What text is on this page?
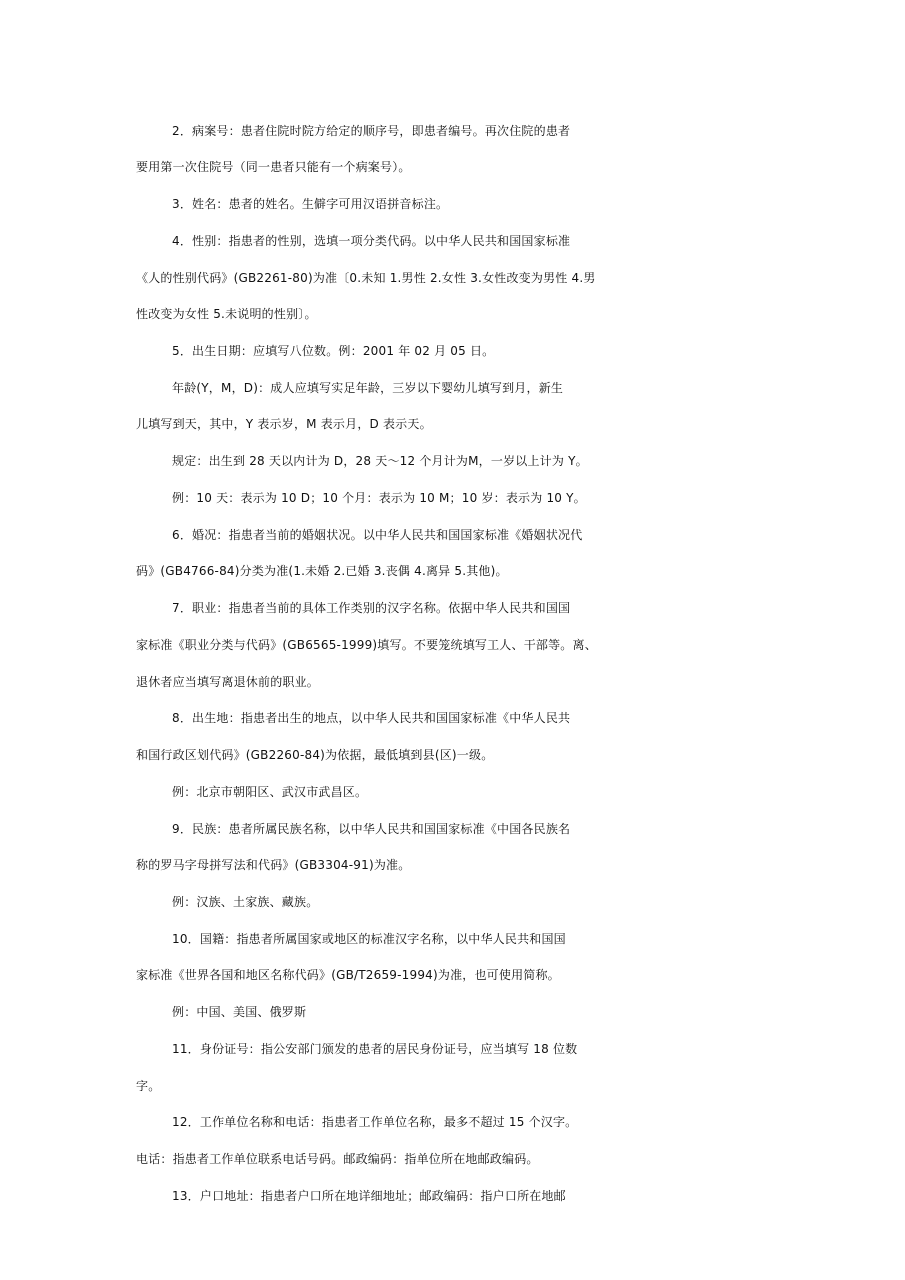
2．病案号：患者住院时院方给定的顺序号，即患者编号。再次住院的患者
要用第一次住院号（同一患者只能有一个病案号）。
3．姓名：患者的姓名。生僻字可用汉语拼音标注。
4．性别：指患者的性别，选填一项分类代码。以中华人民共和国国家标准
《人的性别代码》(GB2261-80)为准〔0.未知 1.男性 2.女性 3.女性改变为男性 4.男
性改变为女性 5.未说明的性别〕。
5．出生日期：应填写八位数。例：2001 年 02 月 05 日。
年龄(Y，M，D)：成人应填写实足年龄，三岁以下婴幼儿填写到月，新生
儿填写到天，其中，Y 表示岁，M 表示月，D 表示天。
规定：出生到 28 天以内计为 D，28 天～12 个月计为M，一岁以上计为 Y。
例：10 天：表示为 10 D；10 个月：表示为 10 M；10 岁：表示为 10 Y。
6．婚况：指患者当前的婚姻状况。以中华人民共和国国家标准《婚姻状况代
码》(GB4766-84)分类为准(1.未婚 2.已婚 3.丧偶 4.离异 5.其他)。
7．职业：指患者当前的具体工作类别的汉字名称。依据中华人民共和国国
家标准《职业分类与代码》(GB6565-1999)填写。不要笼统填写工人、干部等。离、
退休者应当填写离退休前的职业。
8．出生地：指患者出生的地点，以中华人民共和国国家标准《中华人民共
和国行政区划代码》(GB2260-84)为依据，最低填到县(区)一级。
例：北京市朝阳区、武汉市武昌区。
9．民族：患者所属民族名称，以中华人民共和国国家标准《中国各民族名
称的罗马字母拼写法和代码》(GB3304-91)为准。
例：汉族、土家族、藏族。
10．国籍：指患者所属国家或地区的标准汉字名称，以中华人民共和国国
家标准《世界各国和地区名称代码》(GB/T2659-1994)为准，也可使用简称。
例：中国、美国、俄罗斯
11．身份证号：指公安部门颁发的患者的居民身份证号，应当填写 18 位数
字。
12．工作单位名称和电话：指患者工作单位名称，最多不超过 15 个汉字。
电话：指患者工作单位联系电话号码。邮政编码：指单位所在地邮政编码。
13．户口地址：指患者户口所在地详细地址；邮政编码：指户口所在地邮
